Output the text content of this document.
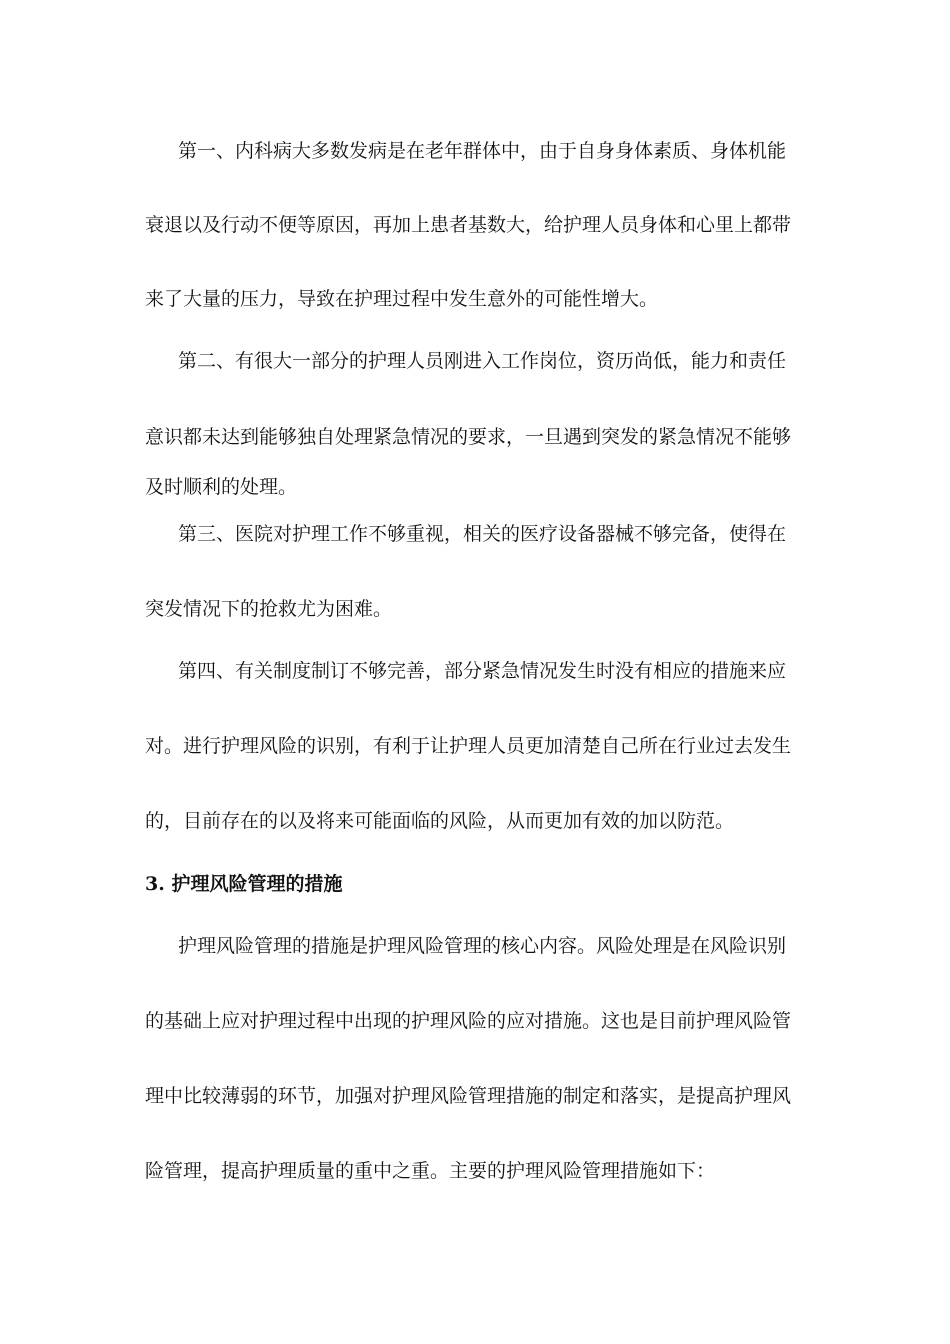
第一、内科病大多数发病是在老年群体中，由于自身身体素质、身体机能
衰退以及行动不便等原因，再加上患者基数大，给护理人员身体和心里上都带
来了大量的压力，导致在护理过程中发生意外的可能性增大。
第二、有很大一部分的护理人员刚进入工作岗位，资历尚低，能力和责任
意识都未达到能够独自处理紧急情况的要求，一旦遇到突发的紧急情况不能够
及时顺利的处理。
第三、医院对护理工作不够重视，相关的医疗设备器械不够完备，使得在
突发情况下的抢救尤为困难。
第四、有关制度制订不够完善，部分紧急情况发生时没有相应的措施来应
对。进行护理风险的识别，有利于让护理人员更加清楚自己所在行业过去发生
的，目前存在的以及将来可能面临的风险，从而更加有效的加以防范。
3. 护理风险管理的措施
护理风险管理的措施是护理风险管理的核心内容。风险处理是在风险识别
的基础上应对护理过程中出现的护理风险的应对措施。这也是目前护理风险管
理中比较薄弱的环节，加强对护理风险管理措施的制定和落实，是提高护理风
险管理，提高护理质量的重中之重。主要的护理风险管理措施如下：
